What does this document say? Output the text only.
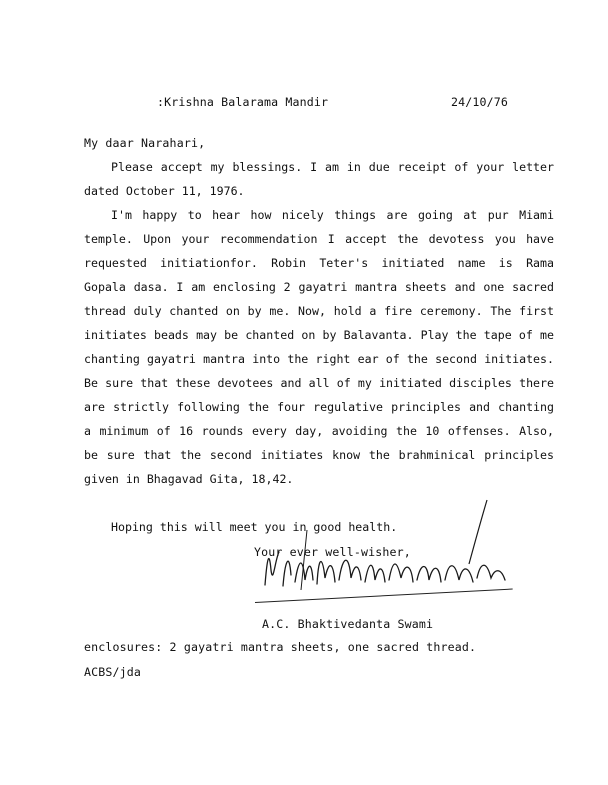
:Krishna Balarama Mandir	24/10/76
My daar Narahari,
Please accept my blessings. I am in due receipt of your letter dated October 11, 1976.
I'm happy to hear how nicely things are going at pur Miami temple. Upon your recommendation I accept the devotess you have requested initiationfor. Robin Teter's initiated name is Rama Gopala dasa. I am enclosing 2 gayatri mantra sheets and one sacred thread duly chanted on by me. Now, hold a fire ceremony. The first initiates beads may be chanted on by Balavanta. Play the tape of me chanting gayatri mantra into the right ear of the second initiates. Be sure that these devotees and all of my initiated disciples there are strictly following the four regulative principles and chanting a minimum of 16 rounds every day, avoiding the 10 offenses. Also, be sure that the second initiates know the brahminical principles given in Bhagavad Gita, 18,42.
Hoping this will meet you in good health.
Your ever well-wisher,
A.C. Bhaktivedanta Swami
enclosures: 2 gayatri mantra sheets, one sacred thread.
ACBS/jda
